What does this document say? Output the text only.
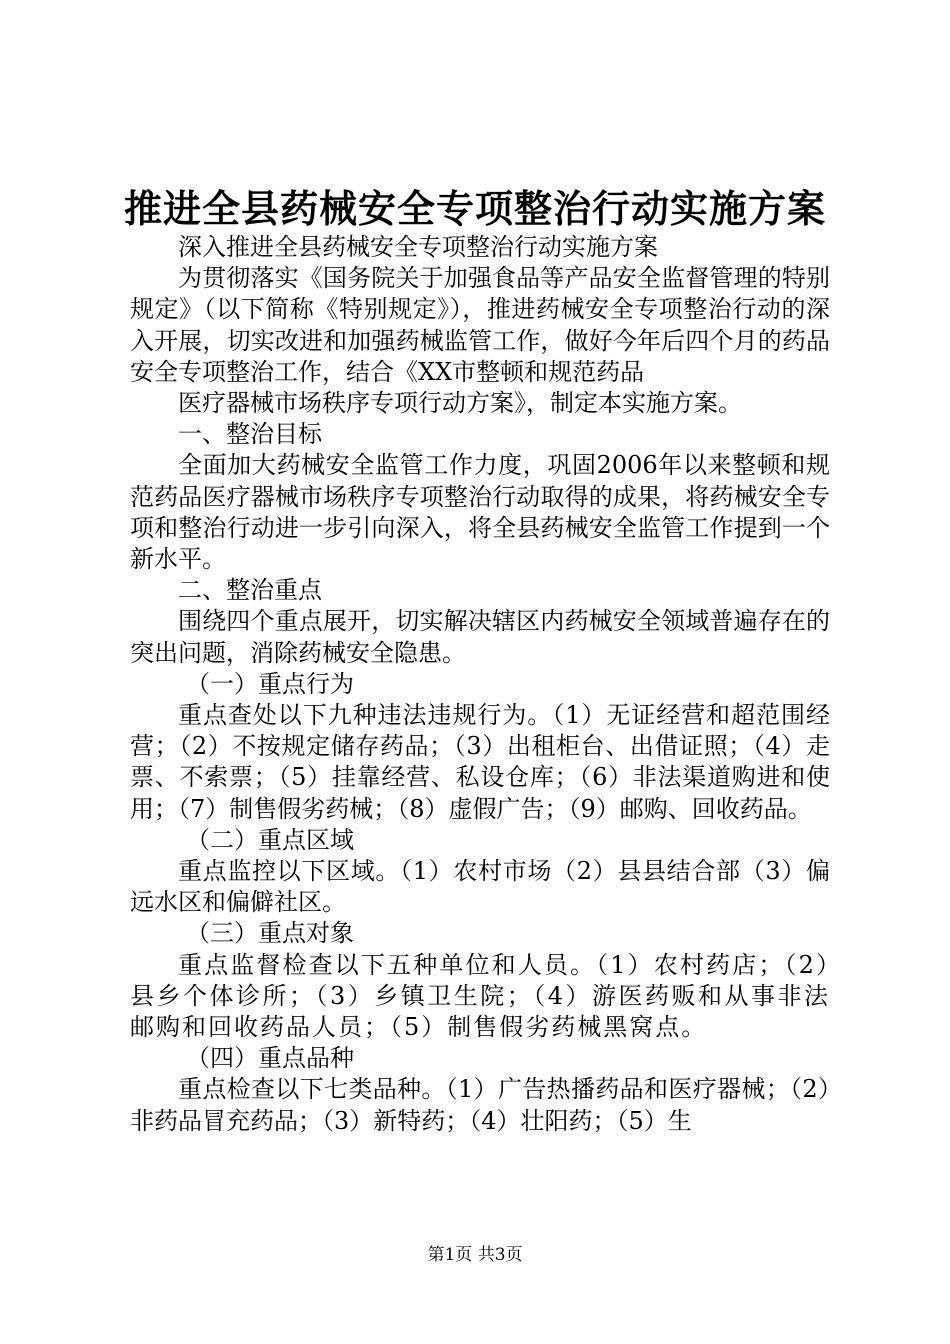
推进全县药械安全专项整治行动实施方案

深入推进全县药械安全专项整治行动实施方案

为贯彻落实《国务院关于加强食品等产品安全监督管理的特别规定》（以下简称《特别规定》），推进药械安全专项整治行动的深入开展，切实改进和加强药械监管工作，做好今年后四个月的药品安全专项整治工作，结合《XX市整顿和规范药品

医疗器械市场秩序专项行动方案》，制定本实施方案。

一、整治目标

全面加大药械安全监管工作力度，巩固2006年以来整顿和规范药品医疗器械市场秩序专项整治行动取得的成果，将药械安全专项和整治行动进一步引向深入，将全县药械安全监管工作提到一个新水平。

二、整治重点

围绕四个重点展开，切实解决辖区内药械安全领域普遍存在的突出问题，消除药械安全隐患。

（一）重点行为

重点查处以下九种违法违规行为。（1）无证经营和超范围经营；（2）不按规定储存药品；（3）出租柜台、出借证照；（4）走票、不索票；（5）挂靠经营、私设仓库；（6）非法渠道购进和使用；（7）制售假劣药械；（8）虚假广告；（9）邮购、回收药品。

（二）重点区域

重点监控以下区域。（1）农村市场（2）县县结合部（3）偏远水区和偏僻社区。

（三）重点对象

重点监督检查以下五种单位和人员。（1）农村药店；（2）县乡个体诊所；（3）乡镇卫生院；（4）游医药贩和从事非法邮购和回收药品人员；（5）制售假劣药械黑窝点。

（四）重点品种

重点检查以下七类品种。（1）广告热播药品和医疗器械；（2）非药品冒充药品；（3）新特药；（4）壮阳药；（5）生

第1页 共3页
